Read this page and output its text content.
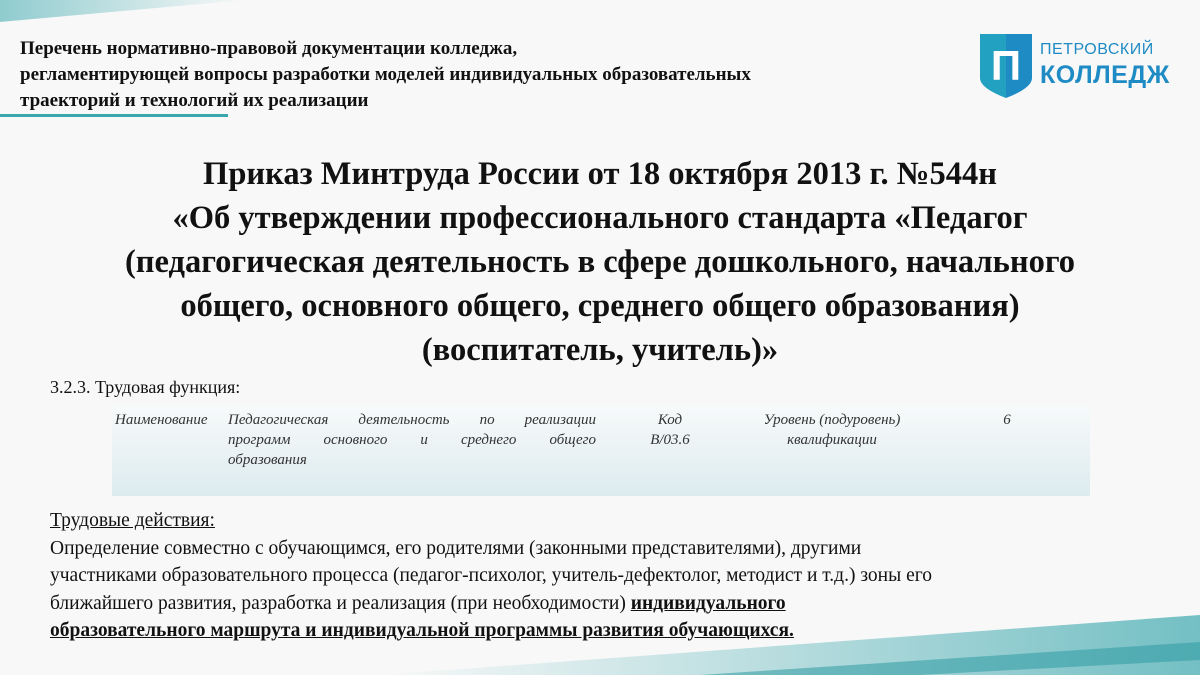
Перечень нормативно-правовой документации колледжа,
регламентирующей вопросы разработки моделей индивидуальных образовательных
траекторий и технологий их реализации
П ПЕТРОВСКИЙ
КОЛЛЕДЖ
Приказ Минтруда России от 18 октября 2013 г. №544н
«Об утверждении профессионального стандарта «Педагог
(педагогическая деятельность в сфере дошкольного, начального
общего, основного общего, среднего общего образования)
(воспитатель, учитель)»
3.2.3. Трудовая функция:
Наименование Педагогическая деятельность по реализации
программ основного и среднего общего
образования
Код
В/03.6
Уровень (подуровень)
квалификации
6
Трудовые действия:
Определение совместно с обучающимся, его родителями (законными представителями), другими
участниками образовательного процесса (педагог-психолог, учитель-дефектолог, методист и т.д.) зоны его
ближайшего развития, разработка и реализация (при необходимости) индивидуального
образовательного маршрута и индивидуальной программы развития обучающихся.
